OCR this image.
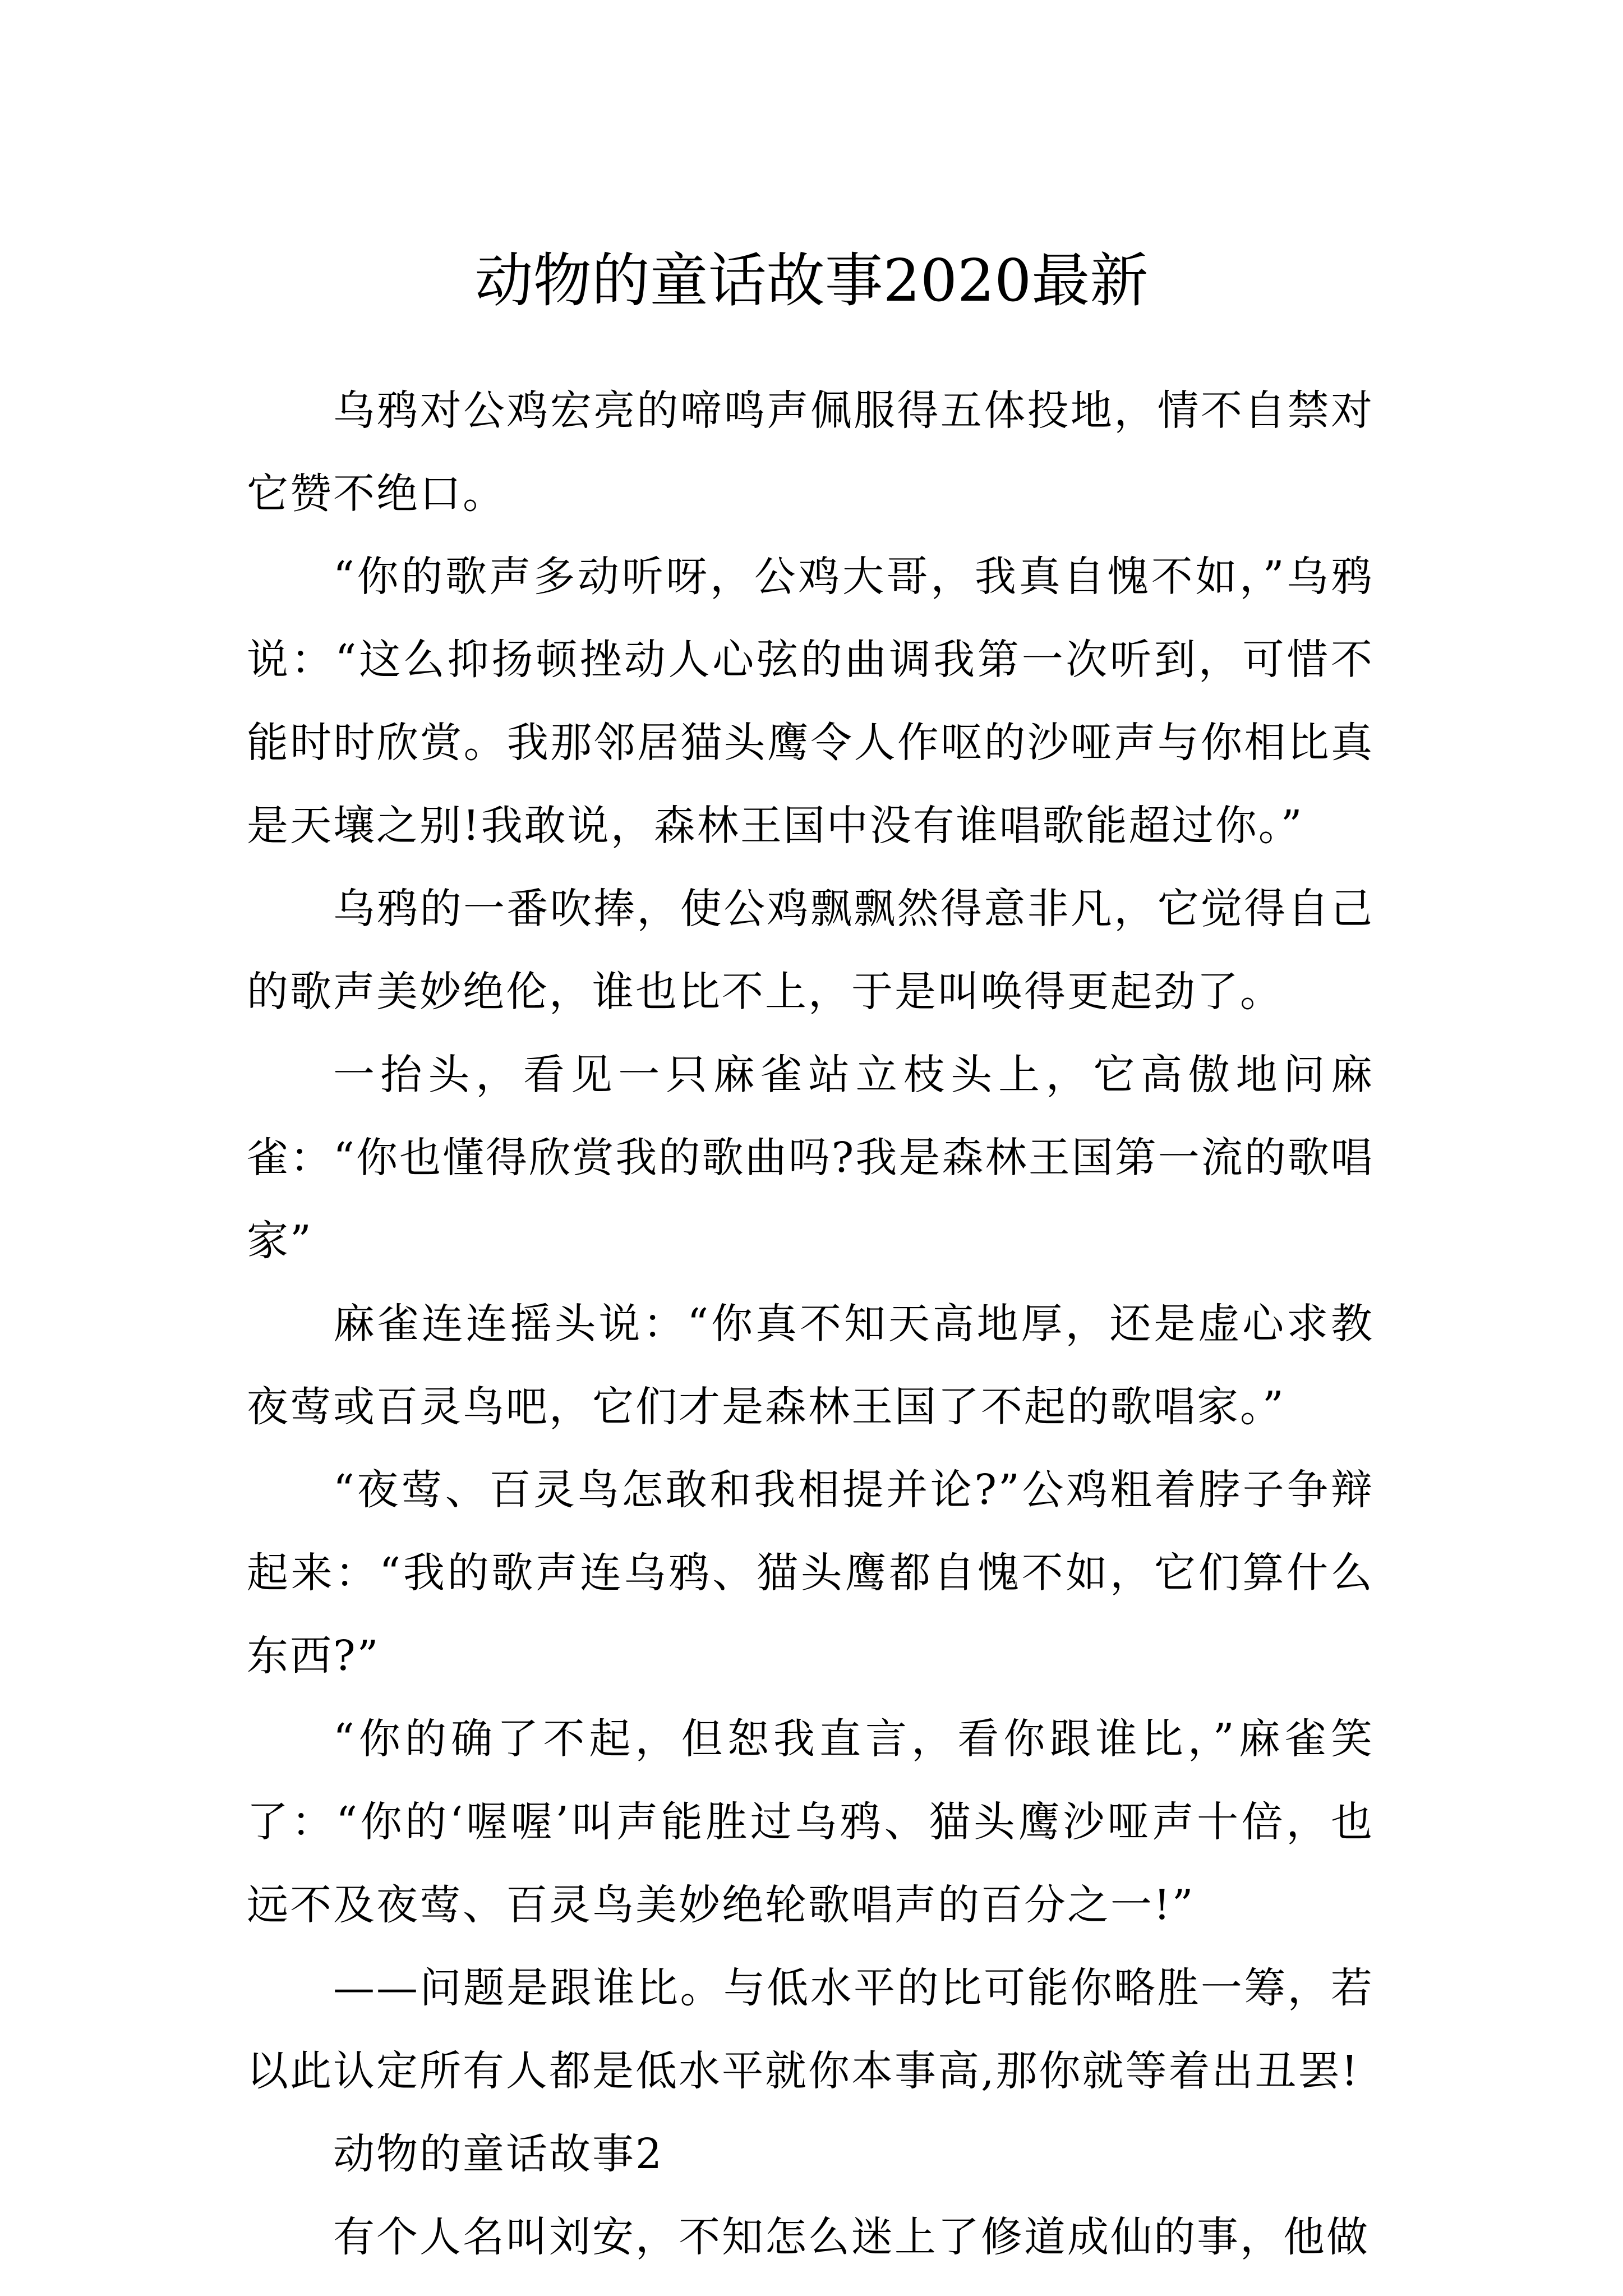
动物的童话故事2020最新

乌鸦对公鸡宏亮的啼鸣声佩服得五体投地，情不自禁对它赞不绝口。

“你的歌声多动听呀，公鸡大哥，我真自愧不如，”乌鸦说：“这么抑扬顿挫动人心弦的曲调我第一次听到，可惜不能时时欣赏。我那邻居猫头鹰令人作呕的沙哑声与你相比真是天壤之别!我敢说，森林王国中没有谁唱歌能超过你。”

乌鸦的一番吹捧，使公鸡飘飘然得意非凡，它觉得自己的歌声美妙绝伦，谁也比不上，于是叫唤得更起劲了。

一抬头，看见一只麻雀站立枝头上，它高傲地问麻雀：“你也懂得欣赏我的歌曲吗?我是森林王国第一流的歌唱家”

麻雀连连摇头说：“你真不知天高地厚，还是虚心求教夜莺或百灵鸟吧，它们才是森林王国了不起的歌唱家。”

“夜莺、百灵鸟怎敢和我相提并论?”公鸡粗着脖子争辩起来：“我的歌声连乌鸦、猫头鹰都自愧不如，它们算什么东西?”

“你的确了不起，但恕我直言，看你跟谁比，”麻雀笑了：“你的‘喔喔’叫声能胜过乌鸦、猫头鹰沙哑声十倍，也远不及夜莺、百灵鸟美妙绝轮歌唱声的百分之一!”

——问题是跟谁比。与低水平的比可能你略胜一筹，若以此认定所有人都是低水平就你本事高,那你就等着出丑罢!

动物的童话故事2

有个人名叫刘安，不知怎么迷上了修道成仙的事，他做
